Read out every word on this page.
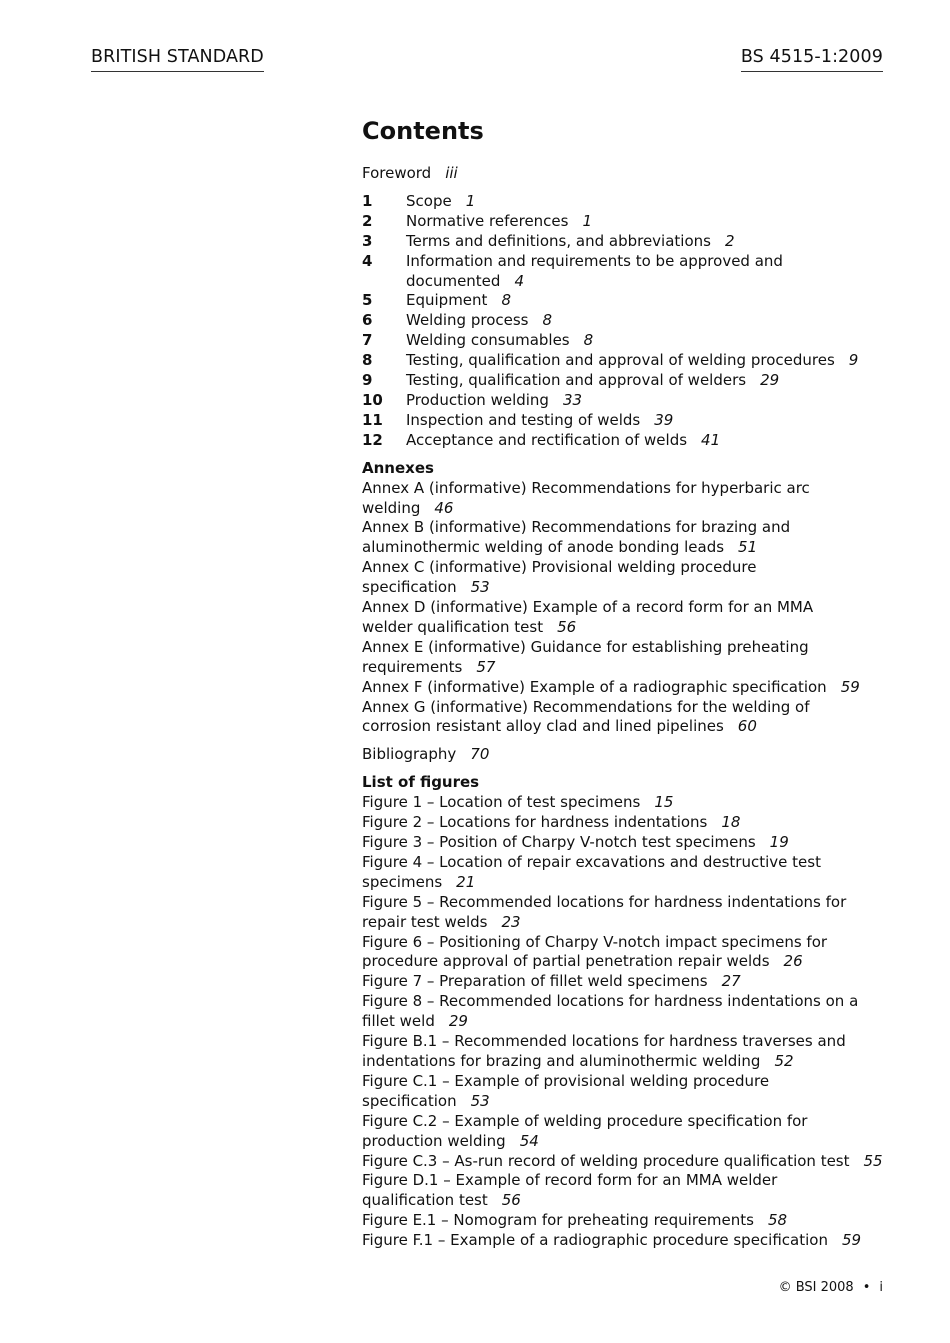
BRITISH STANDARD	BS 4515-1:2009
Contents
Foreword iii
1	Scope 1
2	Normative references 1
3	Terms and definitions, and abbreviations 2
4	Information and requirements to be approved and documented 4
5	Equipment 8
6	Welding process 8
7	Welding consumables 8
8	Testing, qualification and approval of welding procedures 9
9	Testing, qualification and approval of welders 29
10	Production welding 33
11	Inspection and testing of welds 39
12	Acceptance and rectification of welds 41
Annexes
Annex A (informative) Recommendations for hyperbaric arc welding 46
Annex B (informative) Recommendations for brazing and aluminothermic welding of anode bonding leads 51
Annex C (informative) Provisional welding procedure specification 53
Annex D (informative) Example of a record form for an MMA welder qualification test 56
Annex E (informative) Guidance for establishing preheating requirements 57
Annex F (informative) Example of a radiographic specification 59
Annex G (informative) Recommendations for the welding of corrosion resistant alloy clad and lined pipelines 60
Bibliography 70
List of figures
Figure 1 – Location of test specimens 15
Figure 2 – Locations for hardness indentations 18
Figure 3 – Position of Charpy V-notch test specimens 19
Figure 4 – Location of repair excavations and destructive test specimens 21
Figure 5 – Recommended locations for hardness indentations for repair test welds 23
Figure 6 – Positioning of Charpy V-notch impact specimens for procedure approval of partial penetration repair welds 26
Figure 7 – Preparation of fillet weld specimens 27
Figure 8 – Recommended locations for hardness indentations on a fillet weld 29
Figure B.1 – Recommended locations for hardness traverses and indentations for brazing and aluminothermic welding 52
Figure C.1 – Example of provisional welding procedure specification 53
Figure C.2 – Example of welding procedure specification for production welding 54
Figure C.3 – As-run record of welding procedure qualification test 55
Figure D.1 – Example of record form for an MMA welder qualification test 56
Figure E.1 – Nomogram for preheating requirements 58
Figure F.1 – Example of a radiographic procedure specification 59
© BSI 2008 • i
